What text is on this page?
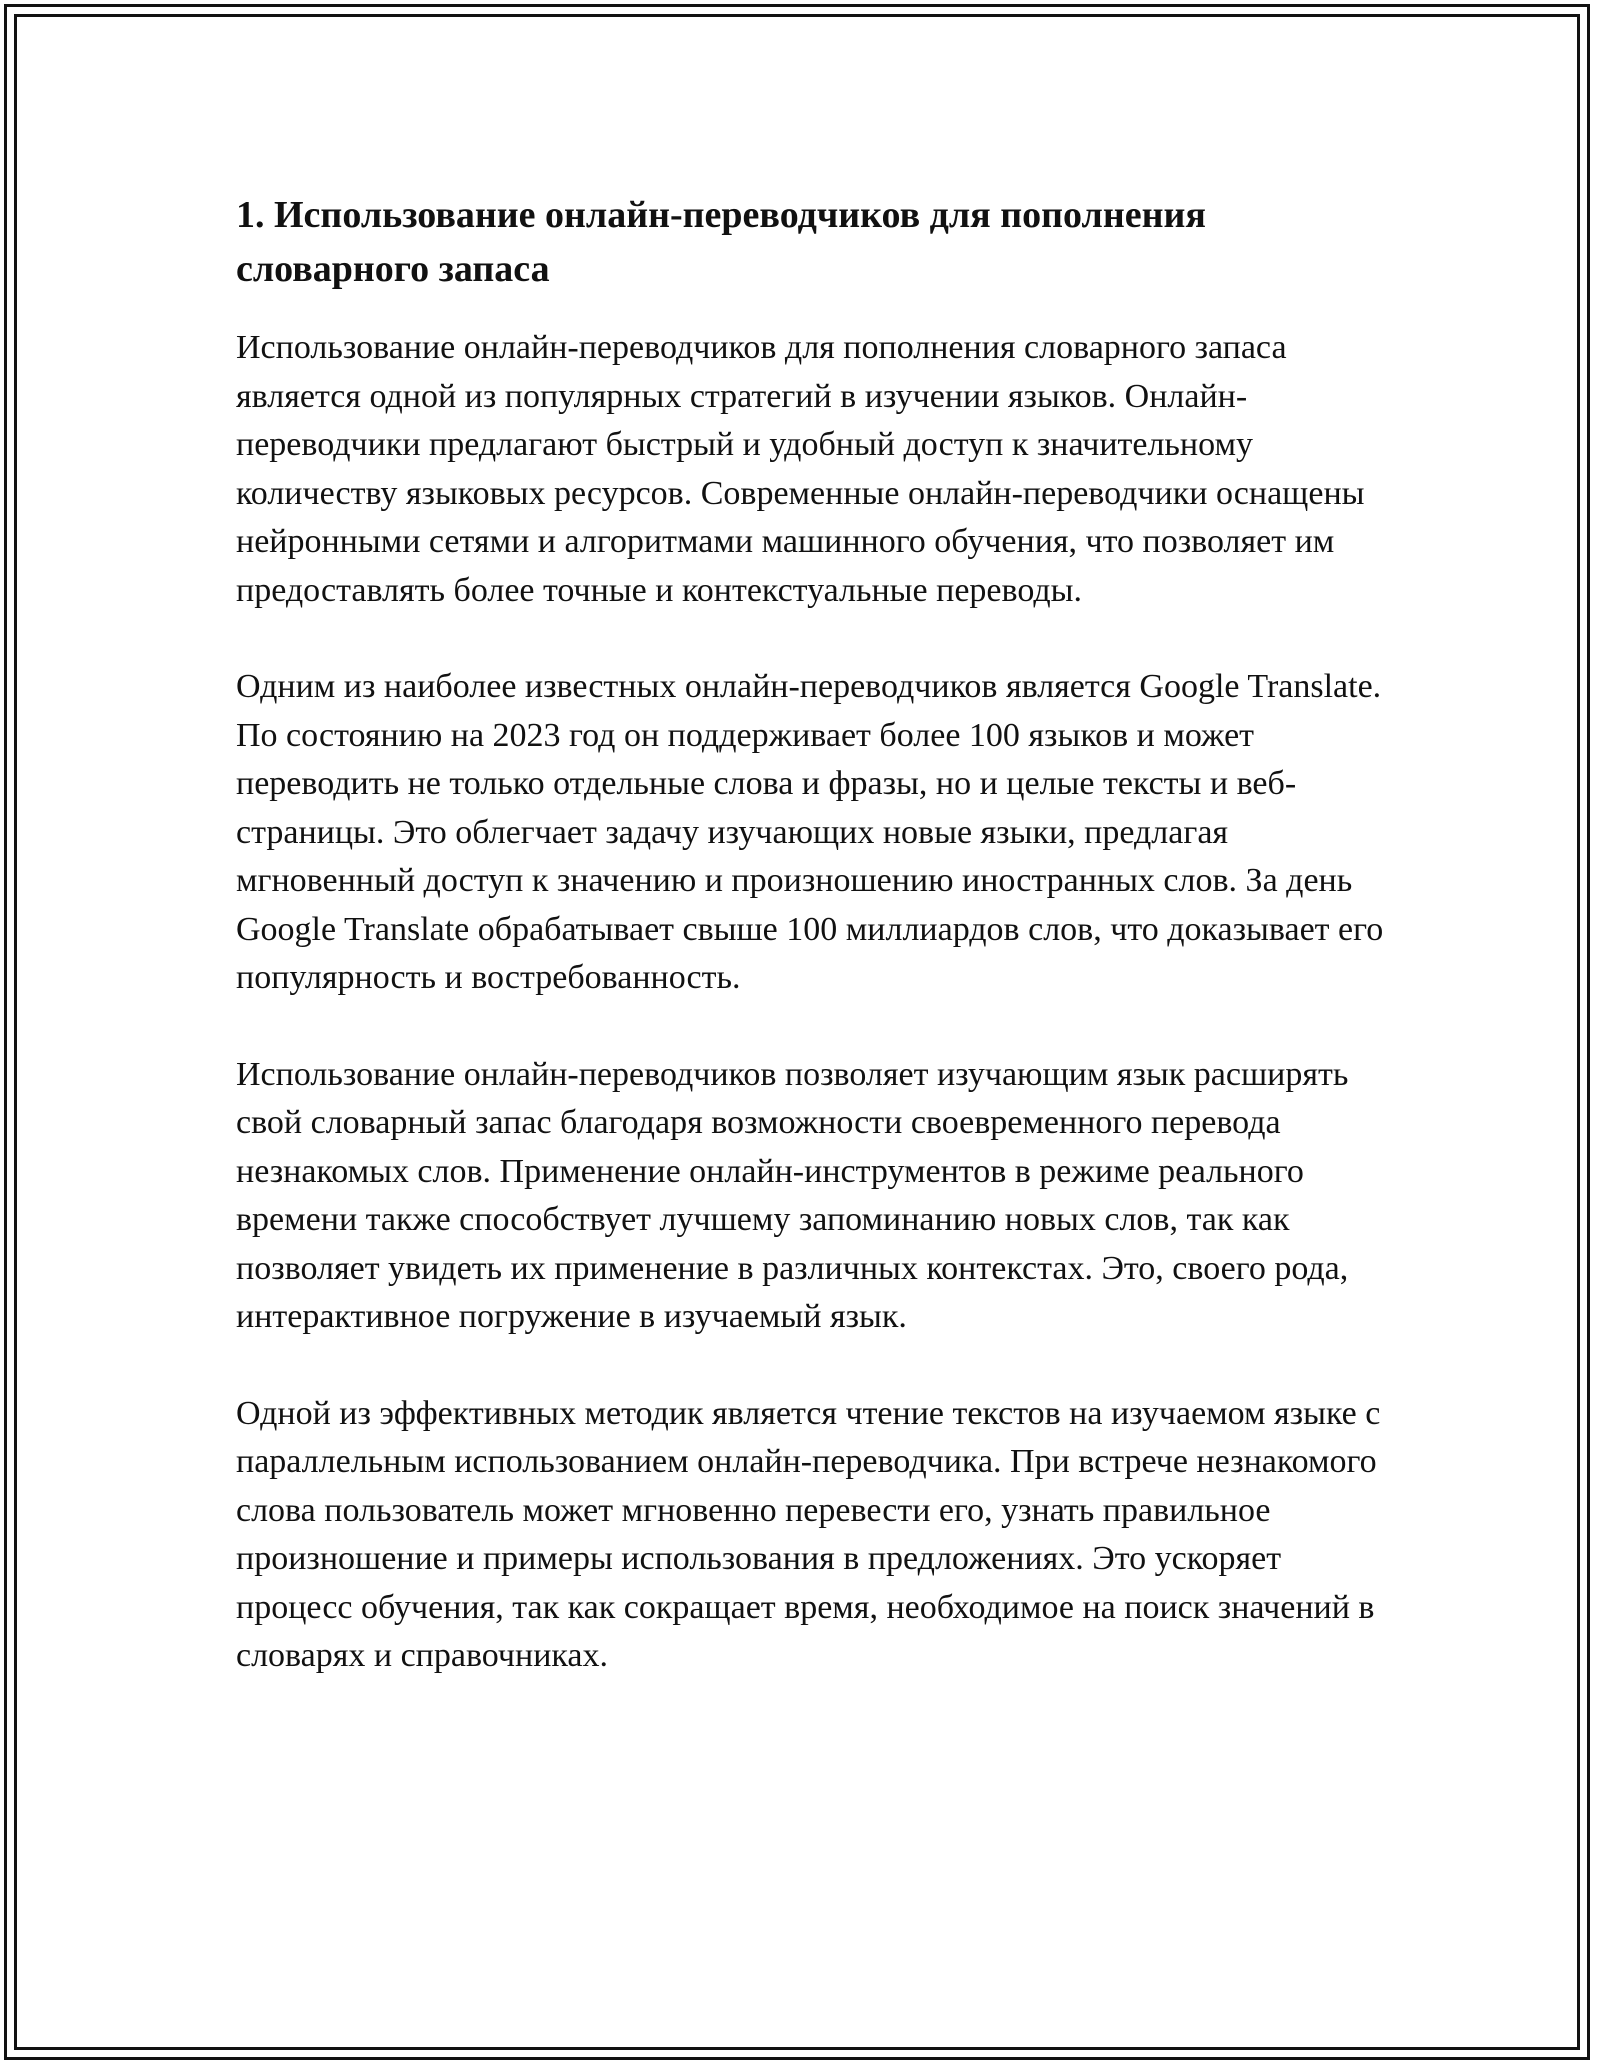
1. Использование онлайн-переводчиков для пополнения словарного запаса

Использование онлайн-переводчиков для пополнения словарного запаса является одной из популярных стратегий в изучении языков. Онлайн-переводчики предлагают быстрый и удобный доступ к значительному количеству языковых ресурсов. Современные онлайн-переводчики оснащены нейронными сетями и алгоритмами машинного обучения, что позволяет им предоставлять более точные и контекстуальные переводы.

Одним из наиболее известных онлайн-переводчиков является Google Translate. По состоянию на 2023 год он поддерживает более 100 языков и может переводить не только отдельные слова и фразы, но и целые тексты и веб-страницы. Это облегчает задачу изучающих новые языки, предлагая мгновенный доступ к значению и произношению иностранных слов. За день Google Translate обрабатывает свыше 100 миллиардов слов, что доказывает его популярность и востребованность.

Использование онлайн-переводчиков позволяет изучающим язык расширять свой словарный запас благодаря возможности своевременного перевода незнакомых слов. Применение онлайн-инструментов в режиме реального времени также способствует лучшему запоминанию новых слов, так как позволяет увидеть их применение в различных контекстах. Это, своего рода, интерактивное погружение в изучаемый язык.

Одной из эффективных методик является чтение текстов на изучаемом языке с параллельным использованием онлайн-переводчика. При встрече незнакомого слова пользователь может мгновенно перевести его, узнать правильное произношение и примеры использования в предложениях. Это ускоряет процесс обучения, так как сокращает время, необходимое на поиск значений в словарях и справочниках.
